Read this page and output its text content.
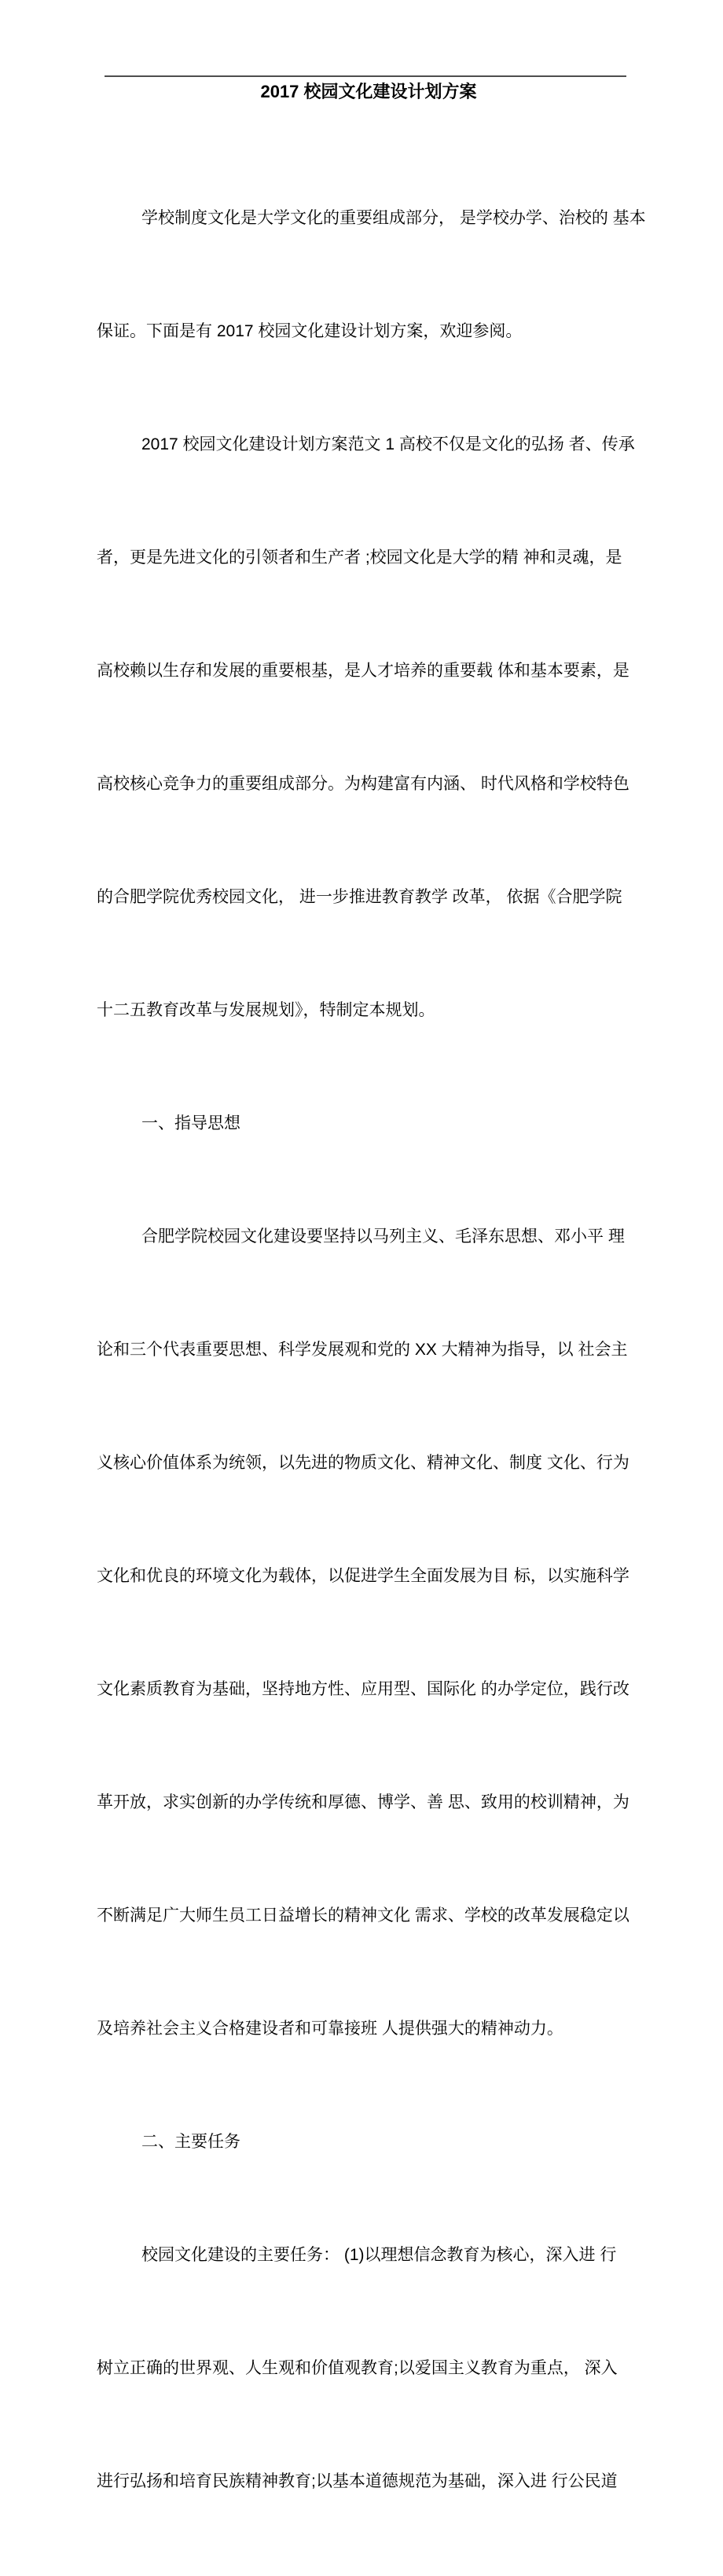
2017 校园文化建设计划方案

学校制度文化是大学文化的重要组成部分， 是学校办学、治校的 基本

保证。下面是有 2017 校园文化建设计划方案，欢迎参阅。

2017 校园文化建设计划方案范文 1 高校不仅是文化的弘扬 者、传承

者，更是先进文化的引领者和生产者 ;校园文化是大学的精 神和灵魂，是

高校赖以生存和发展的重要根基，是人才培养的重要载 体和基本要素，是

高校核心竞争力的重要组成部分。为构建富有内涵、 时代风格和学校特色

的合肥学院优秀校园文化， 进一步推进教育教学 改革， 依据《合肥学院

十二五教育改革与发展规划》，特制定本规划。

一、指导思想

合肥学院校园文化建设要坚持以马列主义、毛泽东思想、邓小平 理

论和三个代表重要思想、科学发展观和党的 XX 大精神为指导，以 社会主

义核心价值体系为统领，以先进的物质文化、精神文化、制度 文化、行为

文化和优良的环境文化为载体，以促进学生全面发展为目 标，以实施科学

文化素质教育为基础，坚持地方性、应用型、国际化 的办学定位，践行改

革开放，求实创新的办学传统和厚德、博学、善 思、致用的校训精神，为

不断满足广大师生员工日益增长的精神文化 需求、学校的改革发展稳定以

及培养社会主义合格建设者和可靠接班 人提供强大的精神动力。

二、主要任务

校园文化建设的主要任务： (1)以理想信念教育为核心，深入进 行

树立正确的世界观、人生观和价值观教育;以爱国主义教育为重点， 深入

进行弘扬和培育民族精神教育;以基本道德规范为基础，深入进 行公民道
